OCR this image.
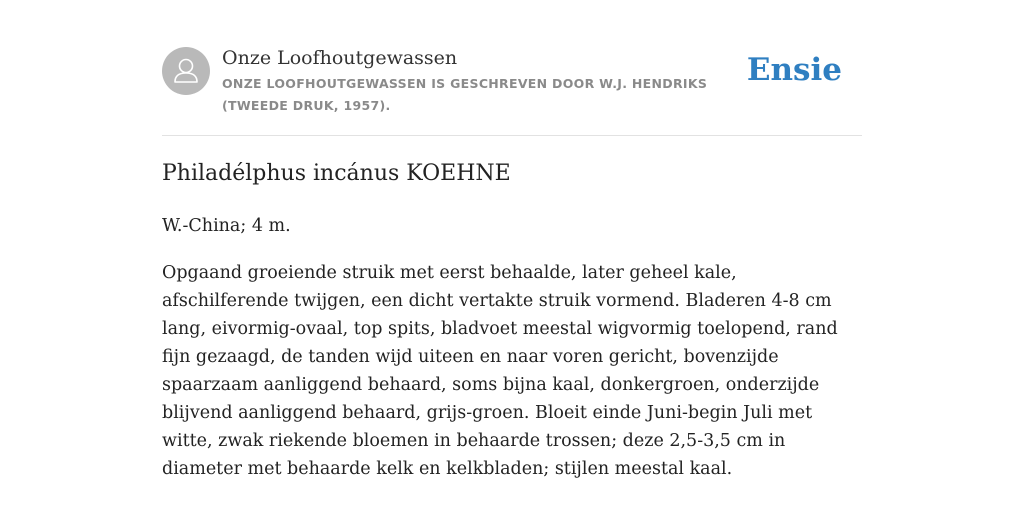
Onze Loofhoutgewassen
ONZE LOOFHOUTGEWASSEN IS GESCHREVEN DOOR W.J. HENDRIKS (TWEEDE DRUK, 1957).
Ensie
Philadélphus incánus KOEHNE

W.-China; 4 m.

Opgaand groeiende struik met eerst behaalde, later geheel kale, afschilferende twijgen, een dicht vertakte struik vormend. Bladeren 4-8 cm lang, eivormig-ovaal, top spits, bladvoet meestal wigvormig toelopend, rand fijn gezaagd, de tanden wijd uiteen en naar voren gericht, bovenzijde spaarzaam aanliggend behaard, soms bijna kaal, donkergroen, onderzijde blijvend aanliggend behaard, grijs-groen. Bloeit einde Juni-begin Juli met witte, zwak riekende bloemen in behaarde trossen; deze 2,5-3,5 cm in diameter met behaarde kelk en kelkbladen; stijlen meestal kaal.
